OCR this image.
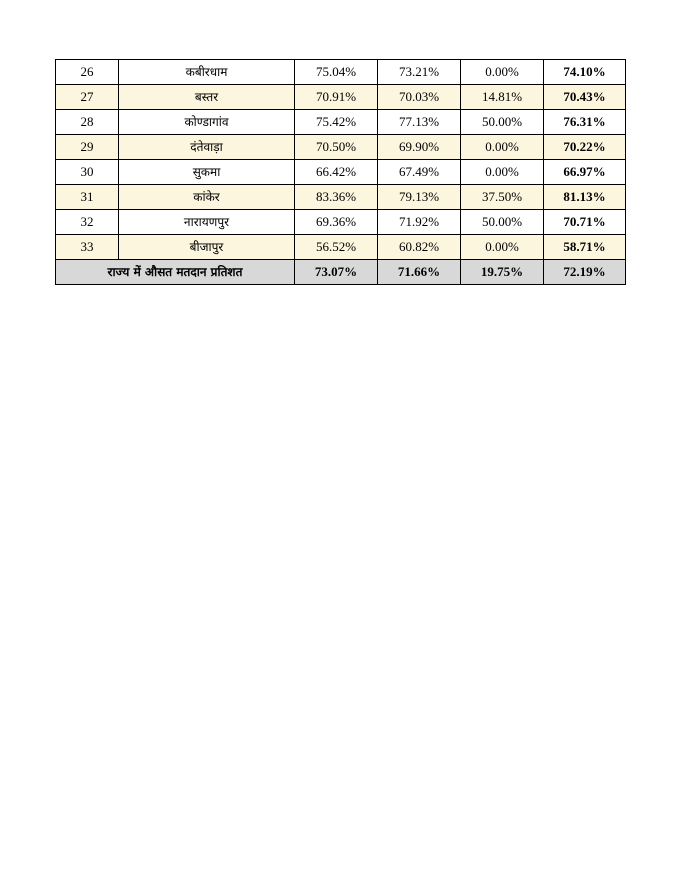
26	कबीरधाम	75.04%	73.21%	0.00%	74.10%
27	बस्तर	70.91%	70.03%	14.81%	70.43%
28	कोण्डागांव	75.42%	77.13%	50.00%	76.31%
29	दंतेवाड़ा	70.50%	69.90%	0.00%	70.22%
30	सुकमा	66.42%	67.49%	0.00%	66.97%
31	कांकेर	83.36%	79.13%	37.50%	81.13%
32	नारायणपुर	69.36%	71.92%	50.00%	70.71%
33	बीजापुर	56.52%	60.82%	0.00%	58.71%
राज्य में औसत मतदान प्रतिशत		73.07%	71.66%	19.75%	72.19%
